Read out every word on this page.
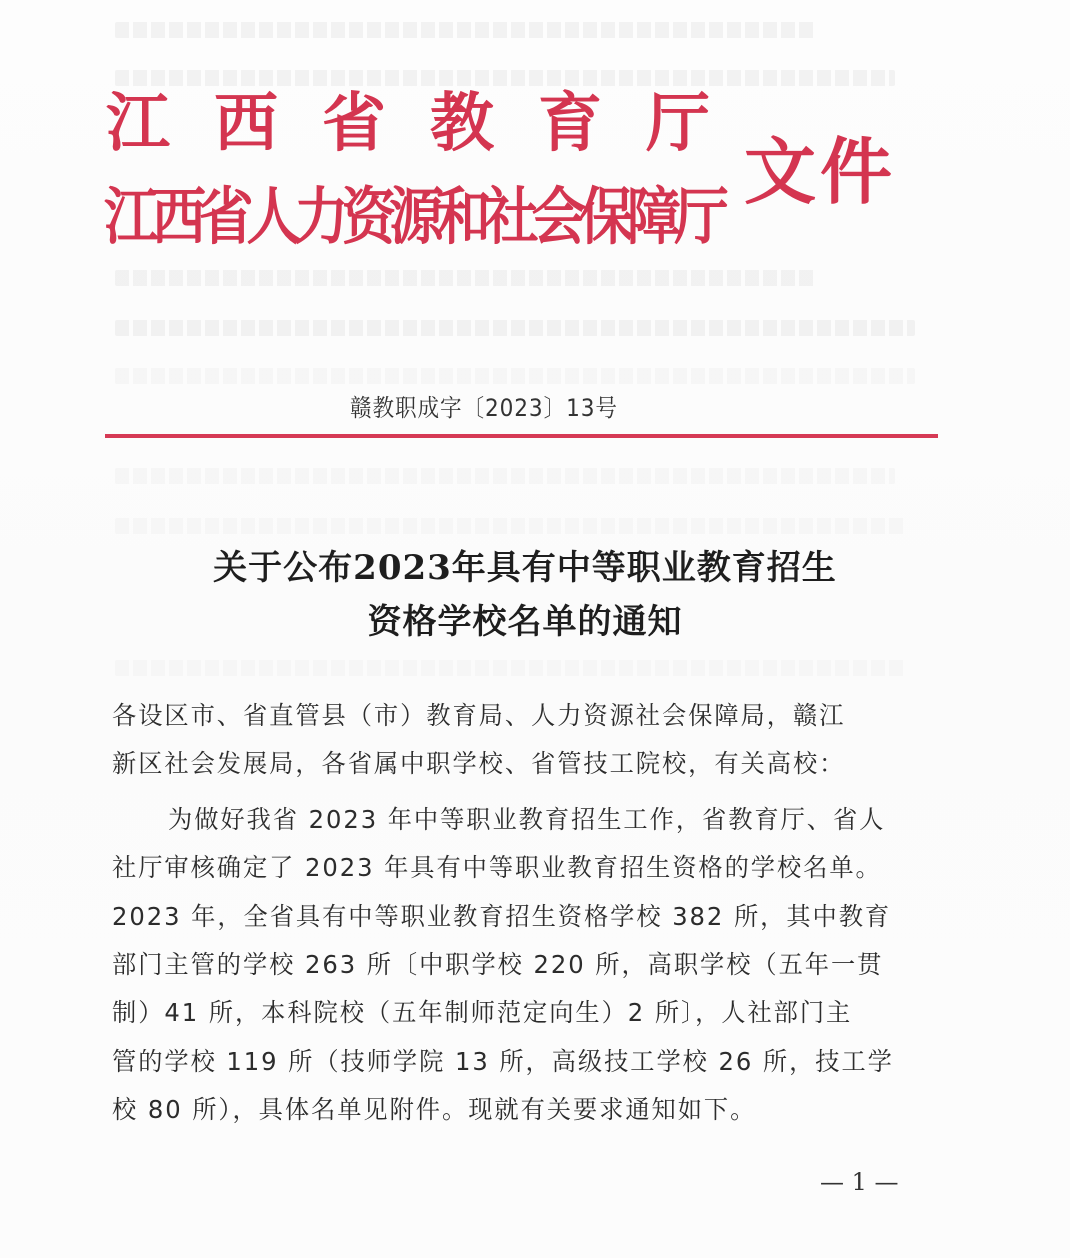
江西省教育厅
江西省人力资源和社会保障厅
文件
赣教职成字〔2023〕13号
关于公布2023年具有中等职业教育招生
资格学校名单的通知
各设区市、省直管县（市）教育局、人力资源社会保障局，赣江
新区社会发展局，各省属中职学校、省管技工院校，有关高校：
为做好我省 2023 年中等职业教育招生工作，省教育厅、省人
社厅审核确定了 2023 年具有中等职业教育招生资格的学校名单。
2023 年，全省具有中等职业教育招生资格学校 382 所，其中教育
部门主管的学校 263 所〔中职学校 220 所，高职学校（五年一贯
制）41 所，本科院校（五年制师范定向生）2 所〕，人社部门主
管的学校 119 所（技师学院 13 所，高级技工学校 26 所，技工学
校 80 所），具体名单见附件。现就有关要求通知如下。
— 1 —
